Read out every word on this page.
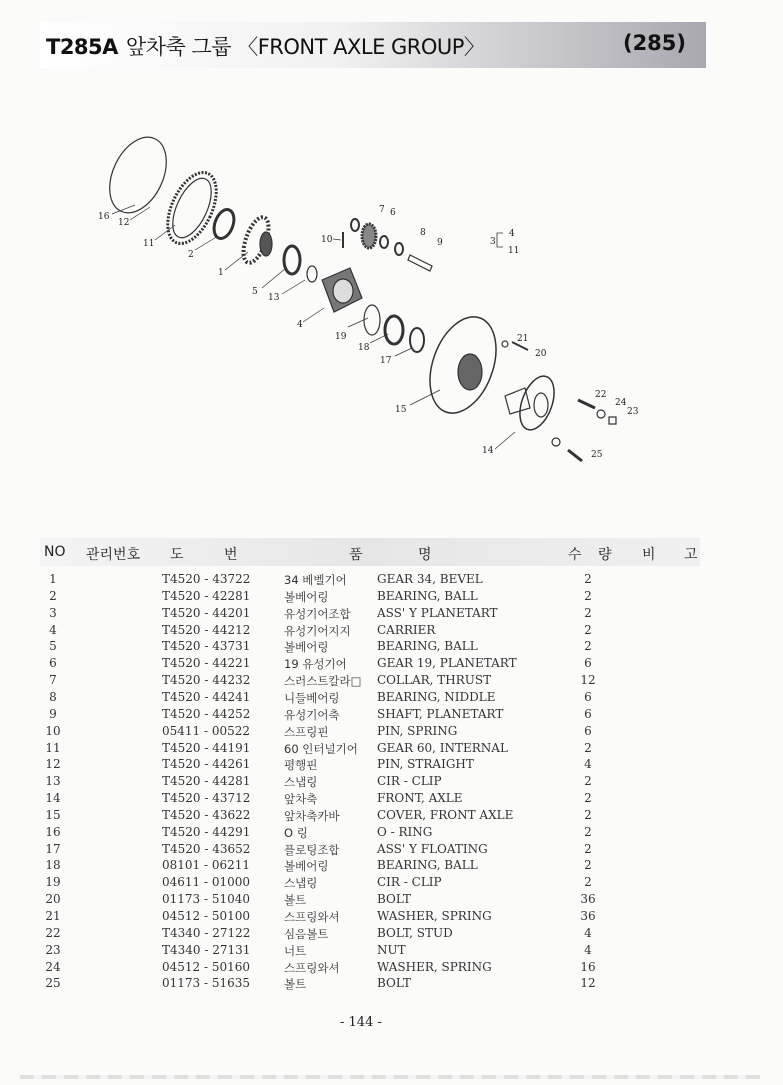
T285A 앞차축 그룹 〈FRONT AXLE GROUP〉	(285)
16
12
11
2
1
5
13
4
10
7 6
8
9	3
4
11
19
18
17
15
21
20
22
24
23
14	25
NO 관리번호 도 번	품	명	수 량 비 고
1	T4520 - 43722	34 베벨기어	GEAR 34, BEVEL	2
2	T4520 - 42281	볼베어링	BEARING, BALL	2
3	T4520 - 44201	유성기어조합 ASS' Y PLANETART	2
4	T4520 - 44212	유성기어지지 CARRIER	2
5	T4520 - 43731	볼베어링	BEARING, BALL	2
6	T4520 - 44221	19 유성기어	GEAR 19, PLANETART	6
7	T4520 - 44232	스러스트칼라□ COLLAR, THRUST	12
8	T4520 - 44241	니들베어링	BEARING, NIDDLE	6
9	T4520 - 44252	유성기어축	SHAFT, PLANETART	6
10	05411 - 00522	스프링핀	PIN, SPRING	6
11	T4520 - 44191	60 인터널기어 GEAR 60, INTERNAL	2
12	T4520 - 44261	평행핀	PIN, STRAIGHT	4
13	T4520 - 44281	스냅링	CIR - CLIP	2
14	T4520 - 43712	앞차축	FRONT, AXLE	2
15	T4520 - 43622	앞차축카바	COVER, FRONT AXLE	2
16	T4520 - 44291	O 링	O - RING	2
17	T4520 - 43652	플로팅조합	ASS' Y FLOATING	2
18	08101 - 06211	볼베어링	BEARING, BALL	2
19	04611 - 01000	스냅링	CIR - CLIP	2
20	01173 - 51040	볼트	BOLT	36
21	04512 - 50100	스프링와셔	WASHER, SPRING	36
22	T4340 - 27122	심음볼트	BOLT, STUD	4
23	T4340 - 27131	너트	NUT	4
24	04512 - 50160	스프링와셔	WASHER, SPRING	16
25	01173 - 51635	볼트	BOLT	12
- 144 -
